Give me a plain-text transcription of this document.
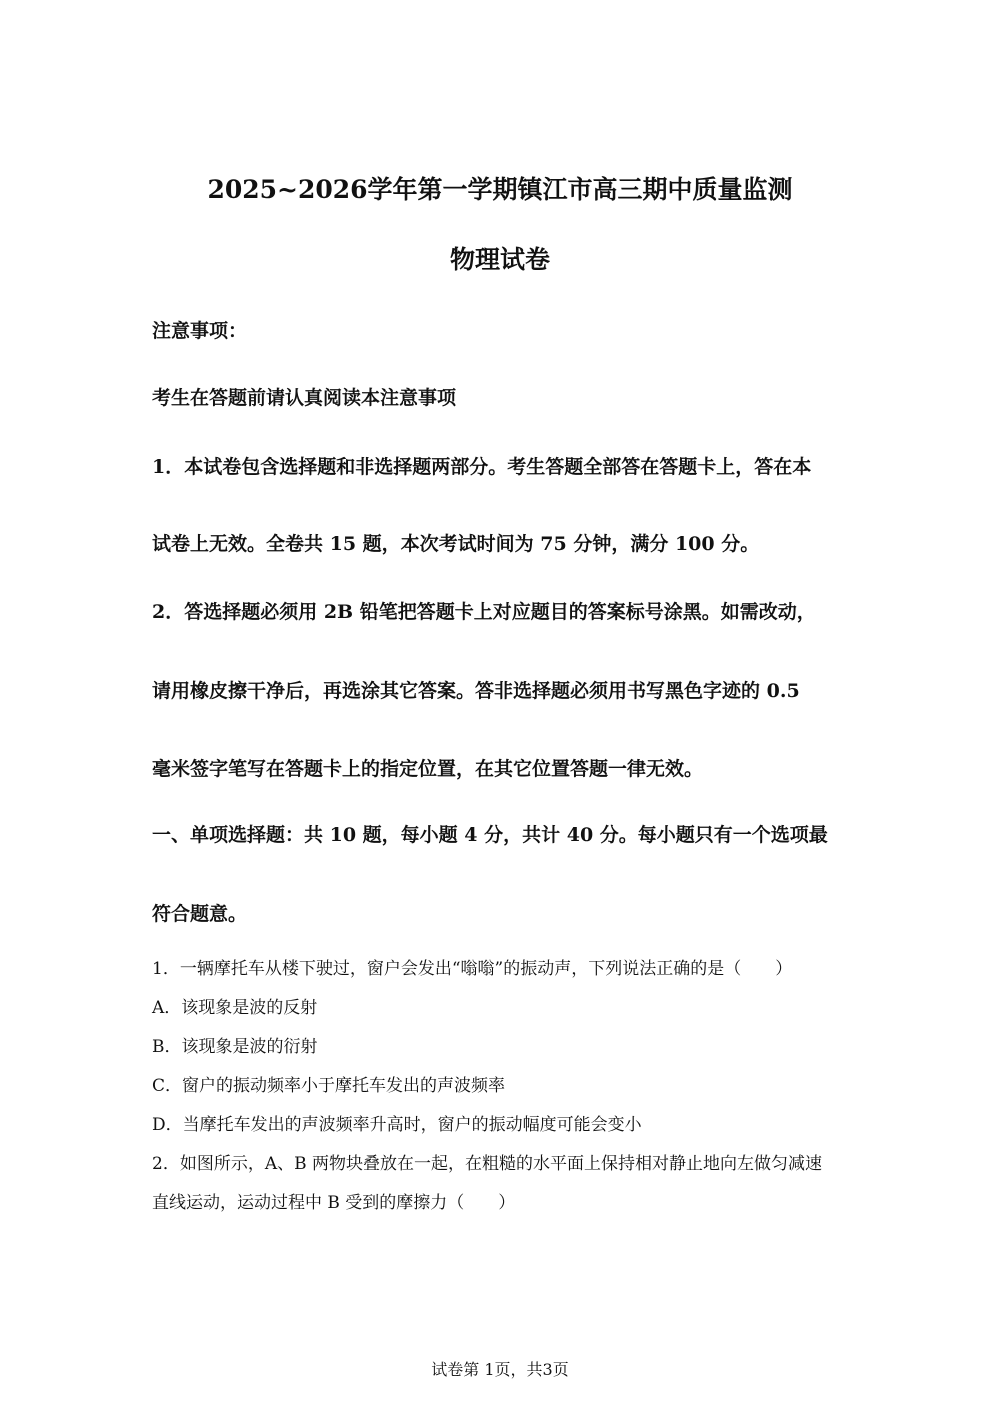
2025~2026学年第一学期镇江市高三期中质量监测
物理试卷
注意事项：
考生在答题前请认真阅读本注意事项
1．本试卷包含选择题和非选择题两部分。考生答题全部答在答题卡上，答在本
试卷上无效。全卷共 15 题，本次考试时间为 75 分钟，满分 100 分。
2．答选择题必须用 2B 铅笔把答题卡上对应题目的答案标号涂黑。如需改动，
请用橡皮擦干净后，再选涂其它答案。答非选择题必须用书写黑色字迹的 0.5
毫米签字笔写在答题卡上的指定位置，在其它位置答题一律无效。
一、单项选择题：共 10 题，每小题 4 分，共计 40 分。每小题只有一个选项最
符合题意。
1．一辆摩托车从楼下驶过，窗户会发出“嗡嗡”的振动声，下列说法正确的是（　　）
A．该现象是波的反射
B．该现象是波的衍射
C．窗户的振动频率小于摩托车发出的声波频率
D．当摩托车发出的声波频率升高时，窗户的振动幅度可能会变小
2．如图所示，A、B 两物块叠放在一起，在粗糙的水平面上保持相对静止地向左做匀减速
直线运动，运动过程中 B 受到的摩擦力（　　）
试卷第 1页，共3页
